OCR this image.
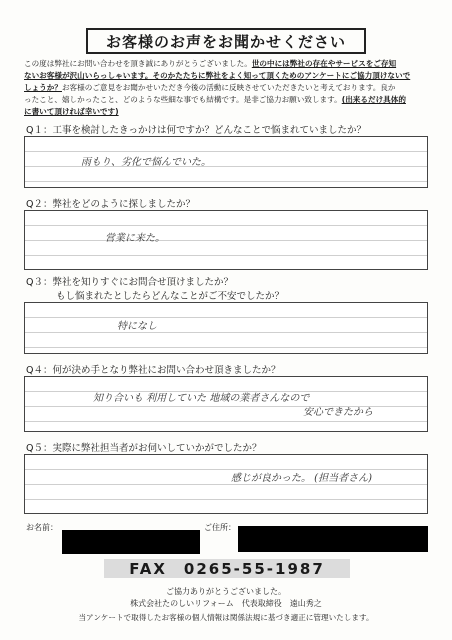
お客様のお声をお聞かせください
この度は弊社にお問い合わせを頂き誠にありがとうございました。世の中には弊社の存在やサービスをご存知
ないお客様が沢山いらっしゃいます。そのかたたちに弊社をよく知って頂くためのアンケートにご協力頂けないで
しょうか？お客様のご意見をお聞かせいただき今後の活動に反映させていただきたいと考えております。良か
ったこと、嬉しかったこと、どのような些細な事でも結構です。是非ご協力お願い致します。(出来るだけ具体的
に書いて頂ければ幸いです)
Q１：工事を検討したきっかけは何ですか？どんなことで悩まれていましたか？
雨もり、劣化で悩んでいた。
Q２：弊社をどのように探しましたか？
営業に来た。
Q３：弊社を知りすぐにお問合せ頂けましたか？
もし悩まれたとしたらどんなことがご不安でしたか？
特になし
Q４：何が決め手となり弊社にお問い合わせ頂きましたか？
知り合いも 利用していた 地域の業者さんなので
安心できたから
Q５：実際に弊社担当者がお伺いしていかがでしたか？
感じが良かった。 (担当者さん)
お名前：	ご住所：
FAX　0265-55-1987
ご協力ありがとうございました。
株式会社たのしいリフォーム　代表取締役　遠山秀之
当アンケートで取得したお客様の個人情報は関係法規に基づき適正に管理いたします。
